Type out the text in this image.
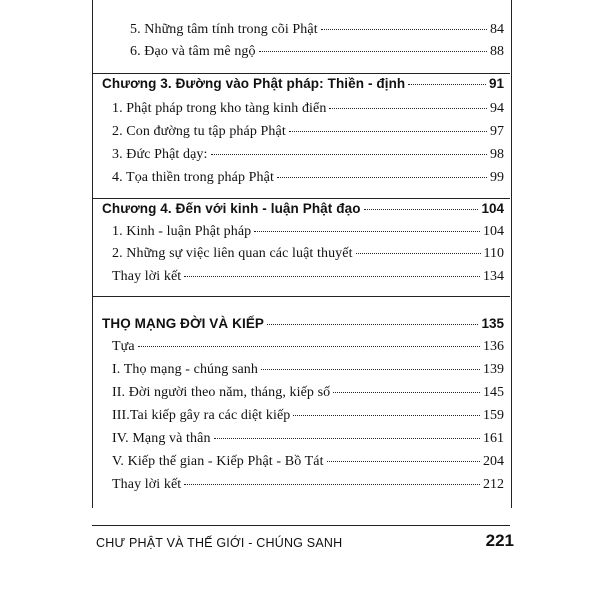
5. Những tâm tính trong cõi Phật	84
6. Đạo và tâm mê ngộ	88
Chương 3. Đường vào Phật pháp: Thiền - định	91
1. Phật pháp trong kho tàng kinh điển	94
2. Con đường tu tập pháp Phật	97
3. Đức Phật dạy:	98
4. Tọa thiền trong pháp Phật	99
Chương 4. Đến với kinh - luận Phật đạo	104
1. Kinh - luận Phật pháp	104
2. Những sự việc liên quan các luật thuyết	110
Thay lời kết	134
THỌ MẠNG ĐỜI VÀ KIẾP	135
Tựa	136
I. Thọ mạng - chúng sanh	139
II. Đời người theo năm, tháng, kiếp số	145
III.Tai kiếp gây ra các diệt kiếp	159
IV. Mạng và thân	161
V. Kiếp thế gian - Kiếp Phật - Bồ Tát	204
Thay lời kết	212
CHƯ PHẬT VÀ THẾ GIỚI - CHÚNG SANH	221
